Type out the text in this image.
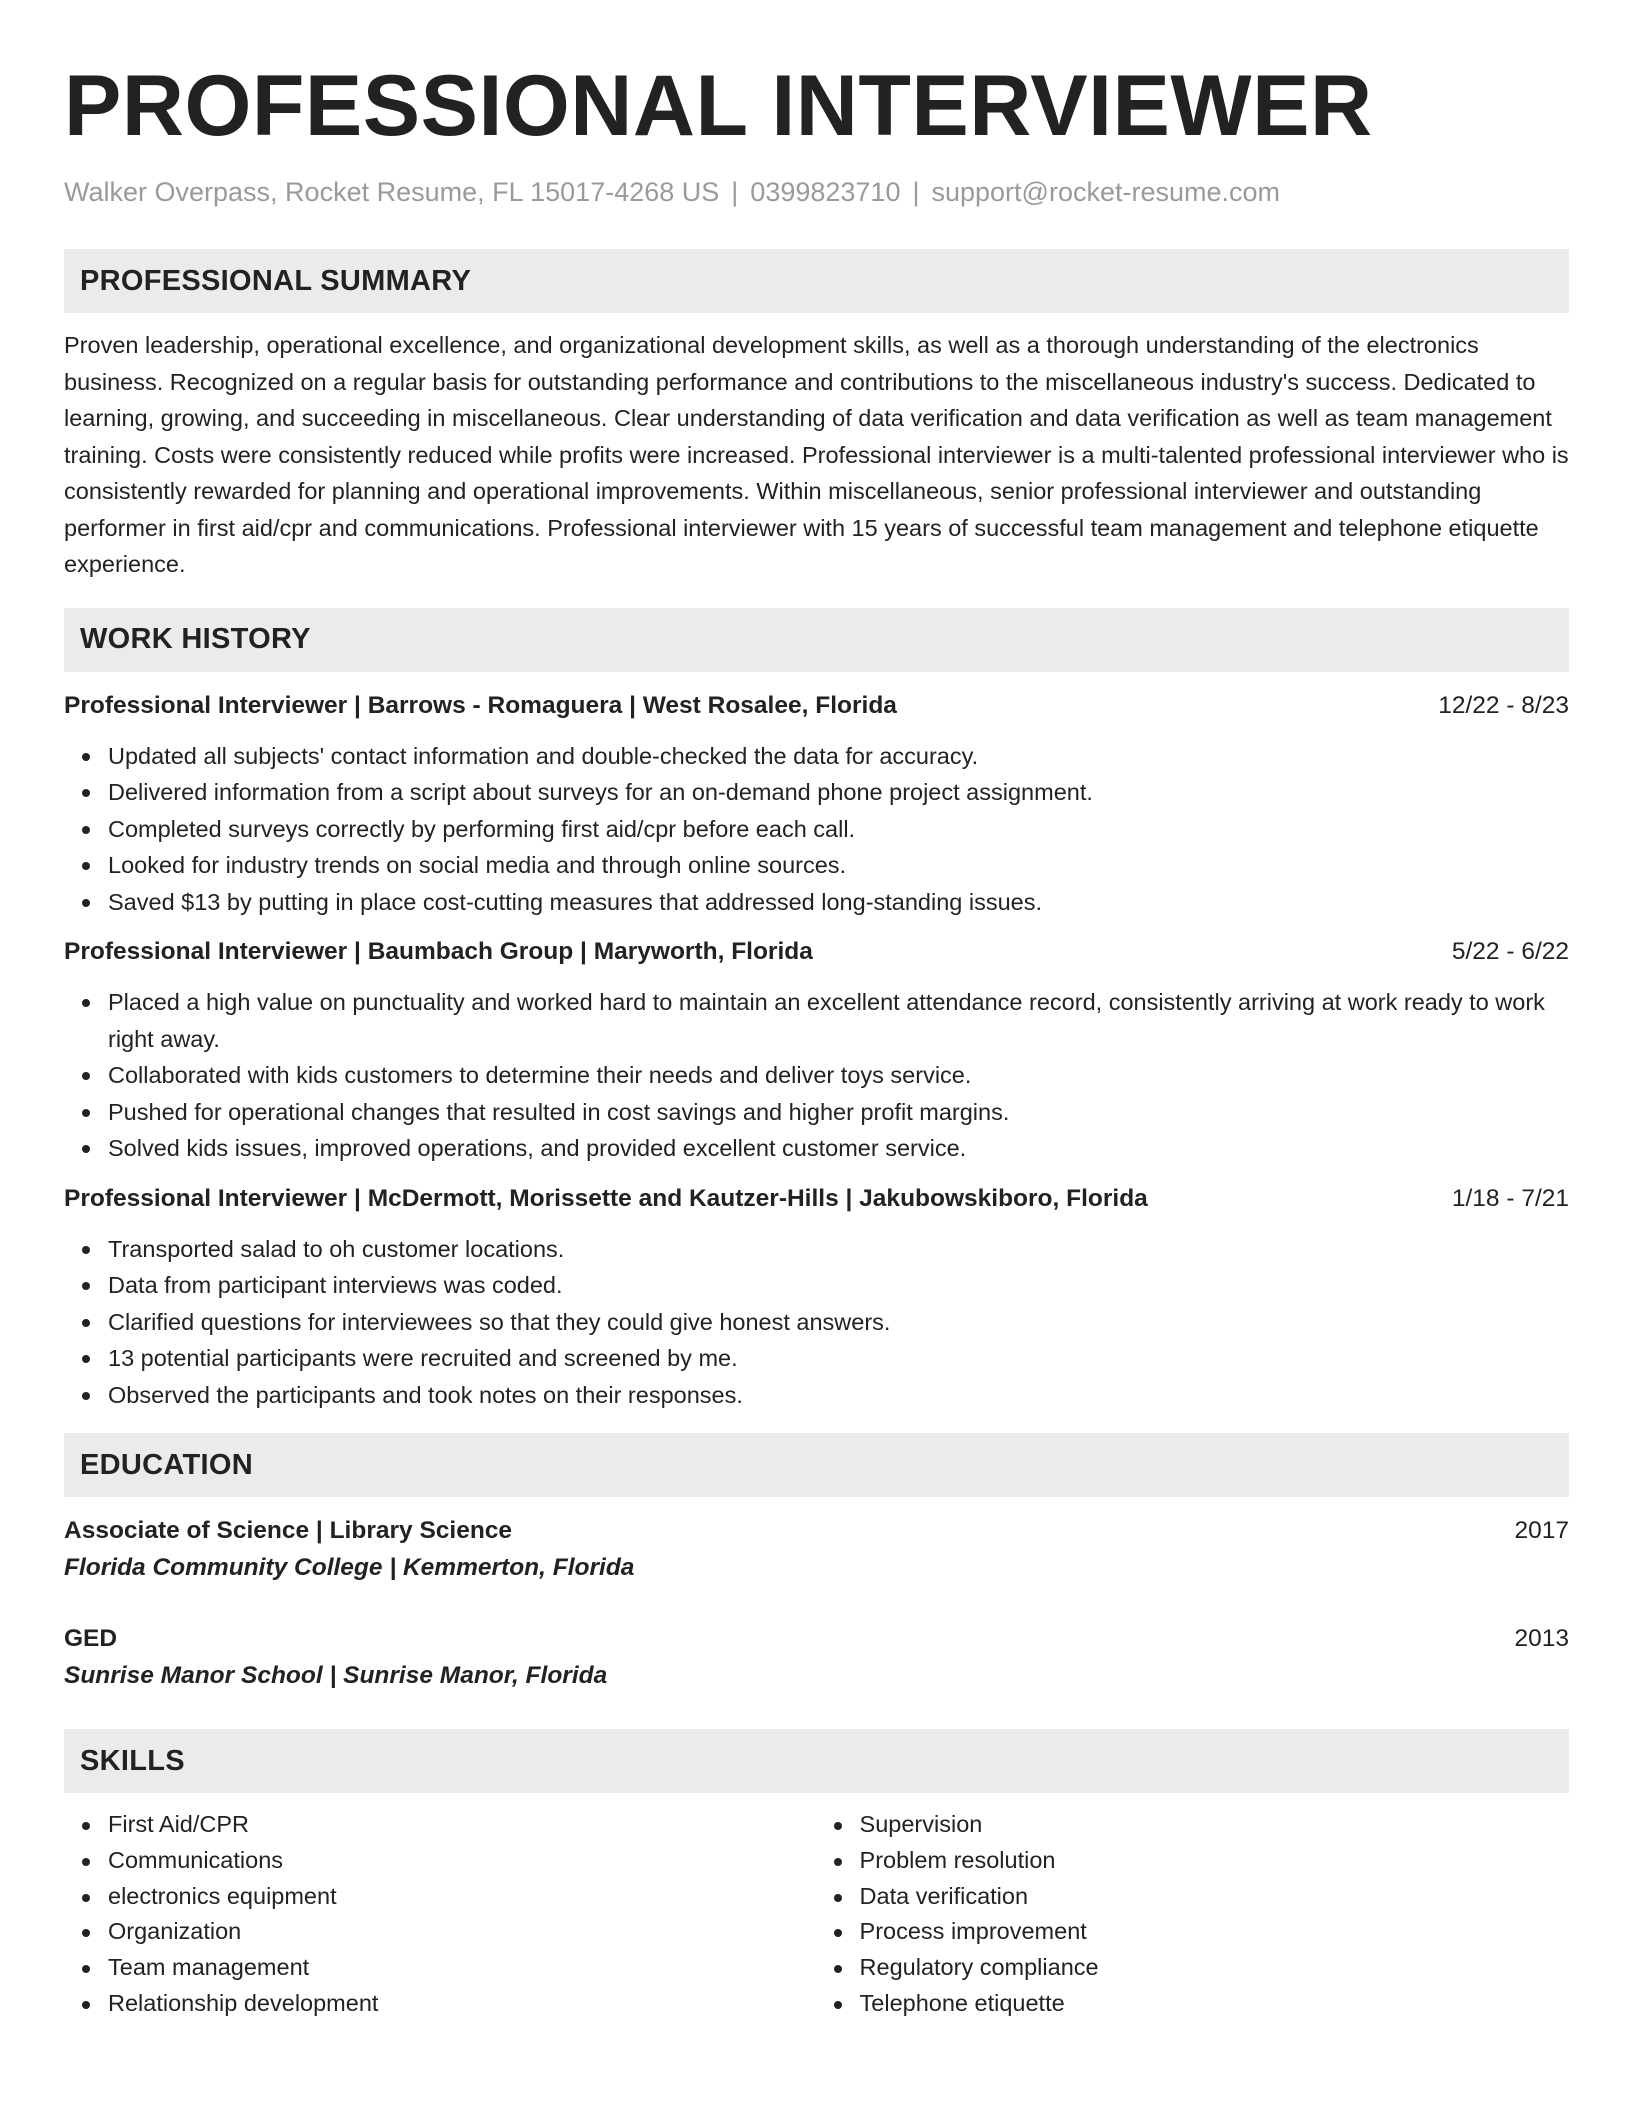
PROFESSIONAL INTERVIEWER
Walker Overpass, Rocket Resume, FL 15017-4268 US | 0399823710 | support@rocket-resume.com
PROFESSIONAL SUMMARY

Proven leadership, operational excellence, and organizational development skills, as well as a thorough understanding of the electronics business. Recognized on a regular basis for outstanding performance and contributions to the miscellaneous industry's success. Dedicated to learning, growing, and succeeding in miscellaneous. Clear understanding of data verification and data verification as well as team management training. Costs were consistently reduced while profits were increased. Professional interviewer is a multi-talented professional interviewer who is consistently rewarded for planning and operational improvements. Within miscellaneous, senior professional interviewer and outstanding performer in first aid/cpr and communications. Professional interviewer with 15 years of successful team management and telephone etiquette experience.

WORK HISTORY
Professional Interviewer | Barrows - Romaguera | West Rosalee, Florida	12/22 - 8/23
Updated all subjects' contact information and double-checked the data for accuracy.
Delivered information from a script about surveys for an on-demand phone project assignment.
Completed surveys correctly by performing first aid/cpr before each call.
Looked for industry trends on social media and through online sources.
Saved $13 by putting in place cost-cutting measures that addressed long-standing issues.
Professional Interviewer | Baumbach Group | Maryworth, Florida	5/22 - 6/22
Placed a high value on punctuality and worked hard to maintain an excellent attendance record, consistently arriving at work ready to work right away.
Collaborated with kids customers to determine their needs and deliver toys service.
Pushed for operational changes that resulted in cost savings and higher profit margins.
Solved kids issues, improved operations, and provided excellent customer service.
Professional Interviewer | McDermott, Morissette and Kautzer-Hills | Jakubowskiboro, Florida	1/18 - 7/21
Transported salad to oh customer locations.
Data from participant interviews was coded.
Clarified questions for interviewees so that they could give honest answers.
13 potential participants were recruited and screened by me.
Observed the participants and took notes on their responses.
EDUCATION
Associate of Science | Library Science	2017
Florida Community College | Kemmerton, Florida
GED	2013
Sunrise Manor School | Sunrise Manor, Florida
SKILLS
First Aid/CPR
Communications
electronics equipment
Organization
Team management
Relationship development
Supervision
Problem resolution
Data verification
Process improvement
Regulatory compliance
Telephone etiquette
